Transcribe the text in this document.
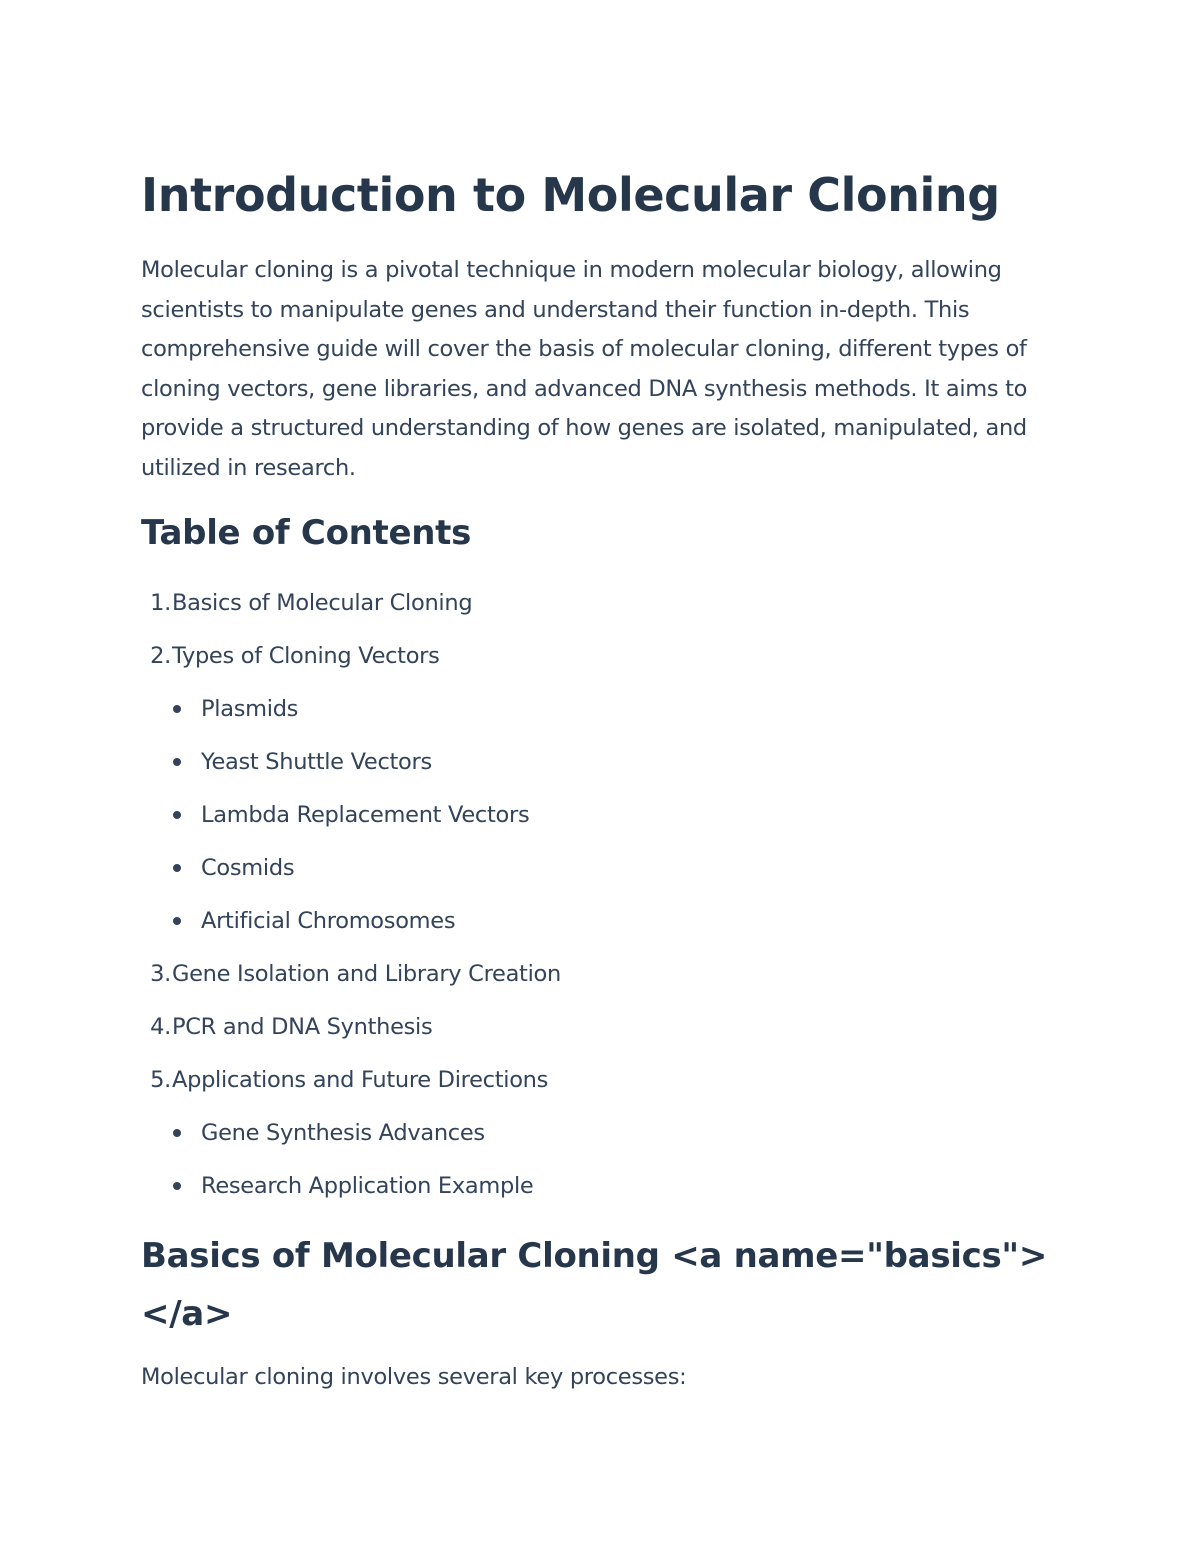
Introduction to Molecular Cloning

Molecular cloning is a pivotal technique in modern molecular biology, allowing scientists to manipulate genes and understand their function in-depth. This comprehensive guide will cover the basis of molecular cloning, different types of cloning vectors, gene libraries, and advanced DNA synthesis methods. It aims to provide a structured understanding of how genes are isolated, manipulated, and utilized in research.

Table of Contents
1. Basics of Molecular Cloning
2. Types of Cloning Vectors
Plasmids
Yeast Shuttle Vectors
Lambda Replacement Vectors
Cosmids
Artificial Chromosomes
3. Gene Isolation and Library Creation
4. PCR and DNA Synthesis
5. Applications and Future Directions
Gene Synthesis Advances
Research Application Example
Basics of Molecular Cloning <a name="basics"></a>

Molecular cloning involves several key processes:
